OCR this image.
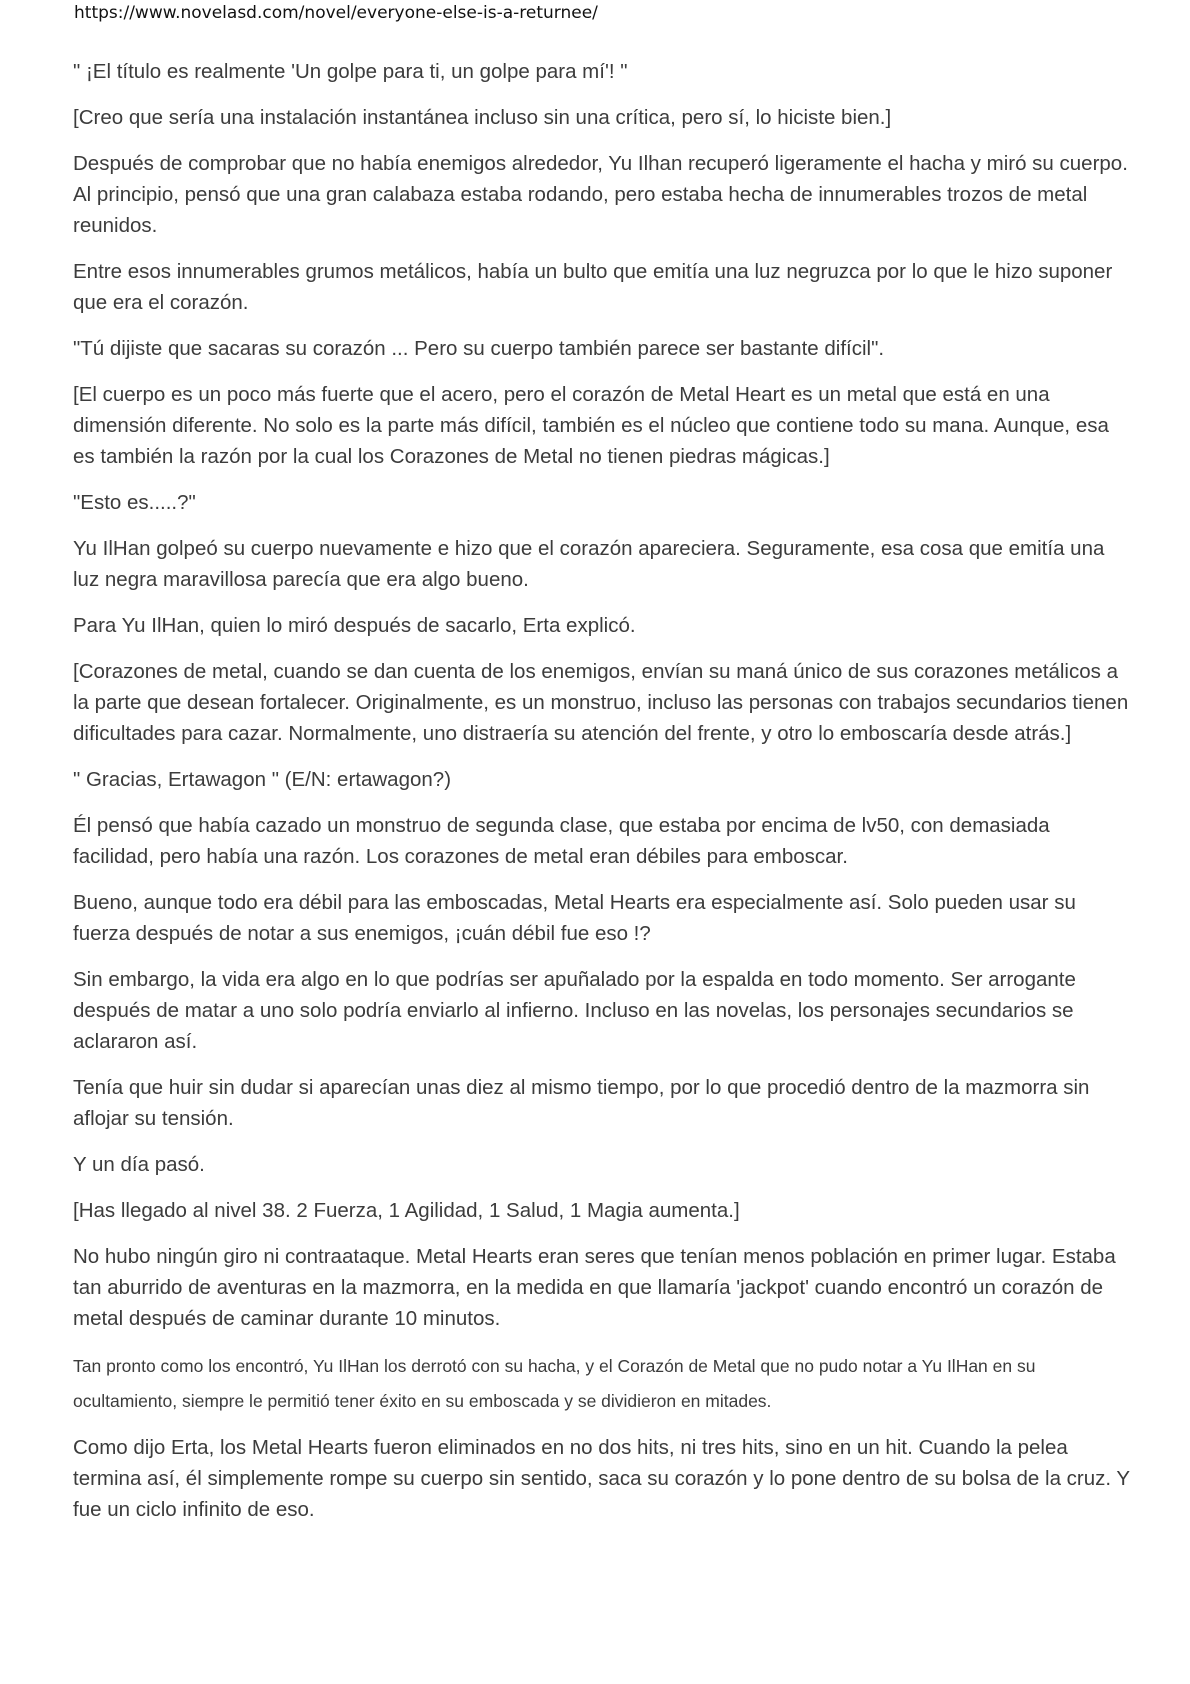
https://www.novelasd.com/novel/everyone-else-is-a-returnee/

" ¡El título es realmente 'Un golpe para ti, un golpe para mí'! "

[Creo que sería una instalación instantánea incluso sin una crítica, pero sí, lo hiciste bien.]

Después de comprobar que no había enemigos alrededor, Yu Ilhan recuperó ligeramente el hacha y miró su cuerpo. Al principio, pensó que una gran calabaza estaba rodando, pero estaba hecha de innumerables trozos de metal reunidos.

Entre esos innumerables grumos metálicos, había un bulto que emitía una luz negruzca por lo que le hizo suponer que era el corazón.

"Tú dijiste que sacaras su corazón ... Pero su cuerpo también parece ser bastante difícil".

[El cuerpo es un poco más fuerte que el acero, pero el corazón de Metal Heart es un metal que está en una dimensión diferente. No solo es la parte más difícil, también es el núcleo que contiene todo su mana. Aunque, esa es también la razón por la cual los Corazones de Metal no tienen piedras mágicas.]

"Esto es.....?"

Yu IlHan golpeó su cuerpo nuevamente e hizo que el corazón apareciera. Seguramente, esa cosa que emitía una luz negra maravillosa parecía que era algo bueno.

Para Yu IlHan, quien lo miró después de sacarlo, Erta explicó.

[Corazones de metal, cuando se dan cuenta de los enemigos, envían su maná único de sus corazones metálicos a la parte que desean fortalecer. Originalmente, es un monstruo, incluso las personas con trabajos secundarios tienen dificultades para cazar. Normalmente, uno distraería su atención del frente, y otro lo emboscaría desde atrás.]

" Gracias, Ertawagon " (E/N: ertawagon?)

Él pensó que había cazado un monstruo de segunda clase, que estaba por encima de lv50, con demasiada facilidad, pero había una razón. Los corazones de metal eran débiles para emboscar.

Bueno, aunque todo era débil para las emboscadas, Metal Hearts era especialmente así. Solo pueden usar su fuerza después de notar a sus enemigos, ¡cuán débil fue eso !?

Sin embargo, la vida era algo en lo que podrías ser apuñalado por la espalda en todo momento. Ser arrogante después de matar a uno solo podría enviarlo al infierno. Incluso en las novelas, los personajes secundarios se aclararon así.

Tenía que huir sin dudar si aparecían unas diez al mismo tiempo, por lo que procedió dentro de la mazmorra sin aflojar su tensión.

Y un día pasó.

[Has llegado al nivel 38. 2 Fuerza, 1 Agilidad, 1 Salud, 1 Magia aumenta.]

No hubo ningún giro ni contraataque. Metal Hearts eran seres que tenían menos población en primer lugar. Estaba tan aburrido de aventuras en la mazmorra, en la medida en que llamaría 'jackpot' cuando encontró un corazón de metal después de caminar durante 10 minutos.

Tan pronto como los encontró, Yu IlHan los derrotó con su hacha, y el Corazón de Metal que no pudo notar a Yu IlHan en su ocultamiento, siempre le permitió tener éxito en su emboscada y se dividieron en mitades.

Como dijo Erta, los Metal Hearts fueron eliminados en no dos hits, ni tres hits, sino en un hit. Cuando la pelea termina así, él simplemente rompe su cuerpo sin sentido, saca su corazón y lo pone dentro de su bolsa de la cruz. Y fue un ciclo infinito de eso.
